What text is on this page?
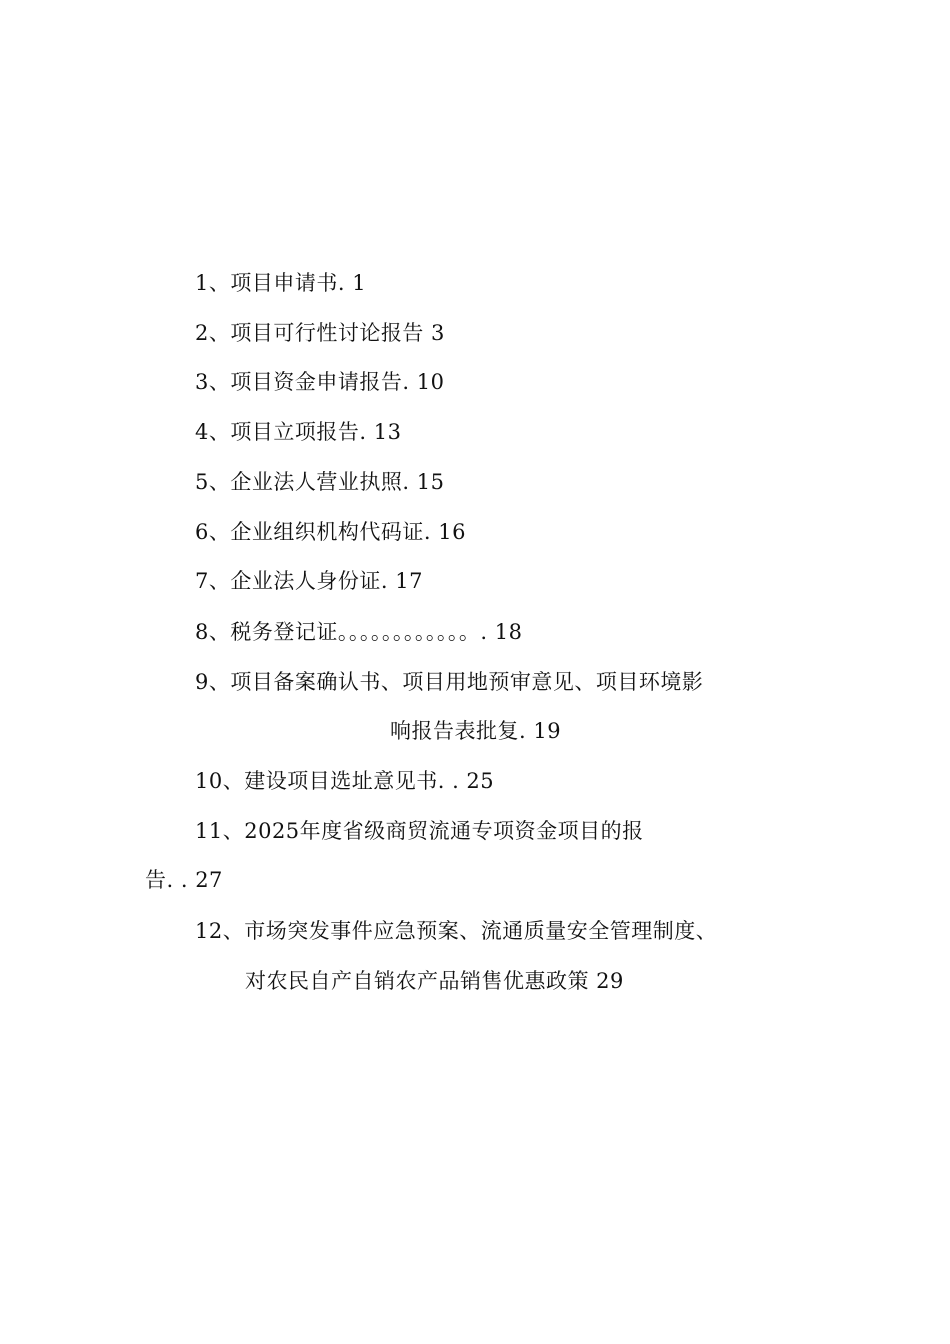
1、项目申请书. 1
2、项目可行性讨论报告 3
3、项目资金申请报告. 10
4、项目立项报告. 13
5、企业法人营业执照. 15
6、企业组织机构代码证. 16
7、企业法人身份证. 17
8、税务登记证。。。。。。。。。。。。. 18
9、项目备案确认书、项目用地预审意见、项目环境影
响报告表批复. 19
10、建设项目选址意见书. . 25
11、2025年度省级商贸流通专项资金项目的报
告. . 27
12、市场突发事件应急预案、流通质量安全管理制度、
对农民自产自销农产品销售优惠政策 29
